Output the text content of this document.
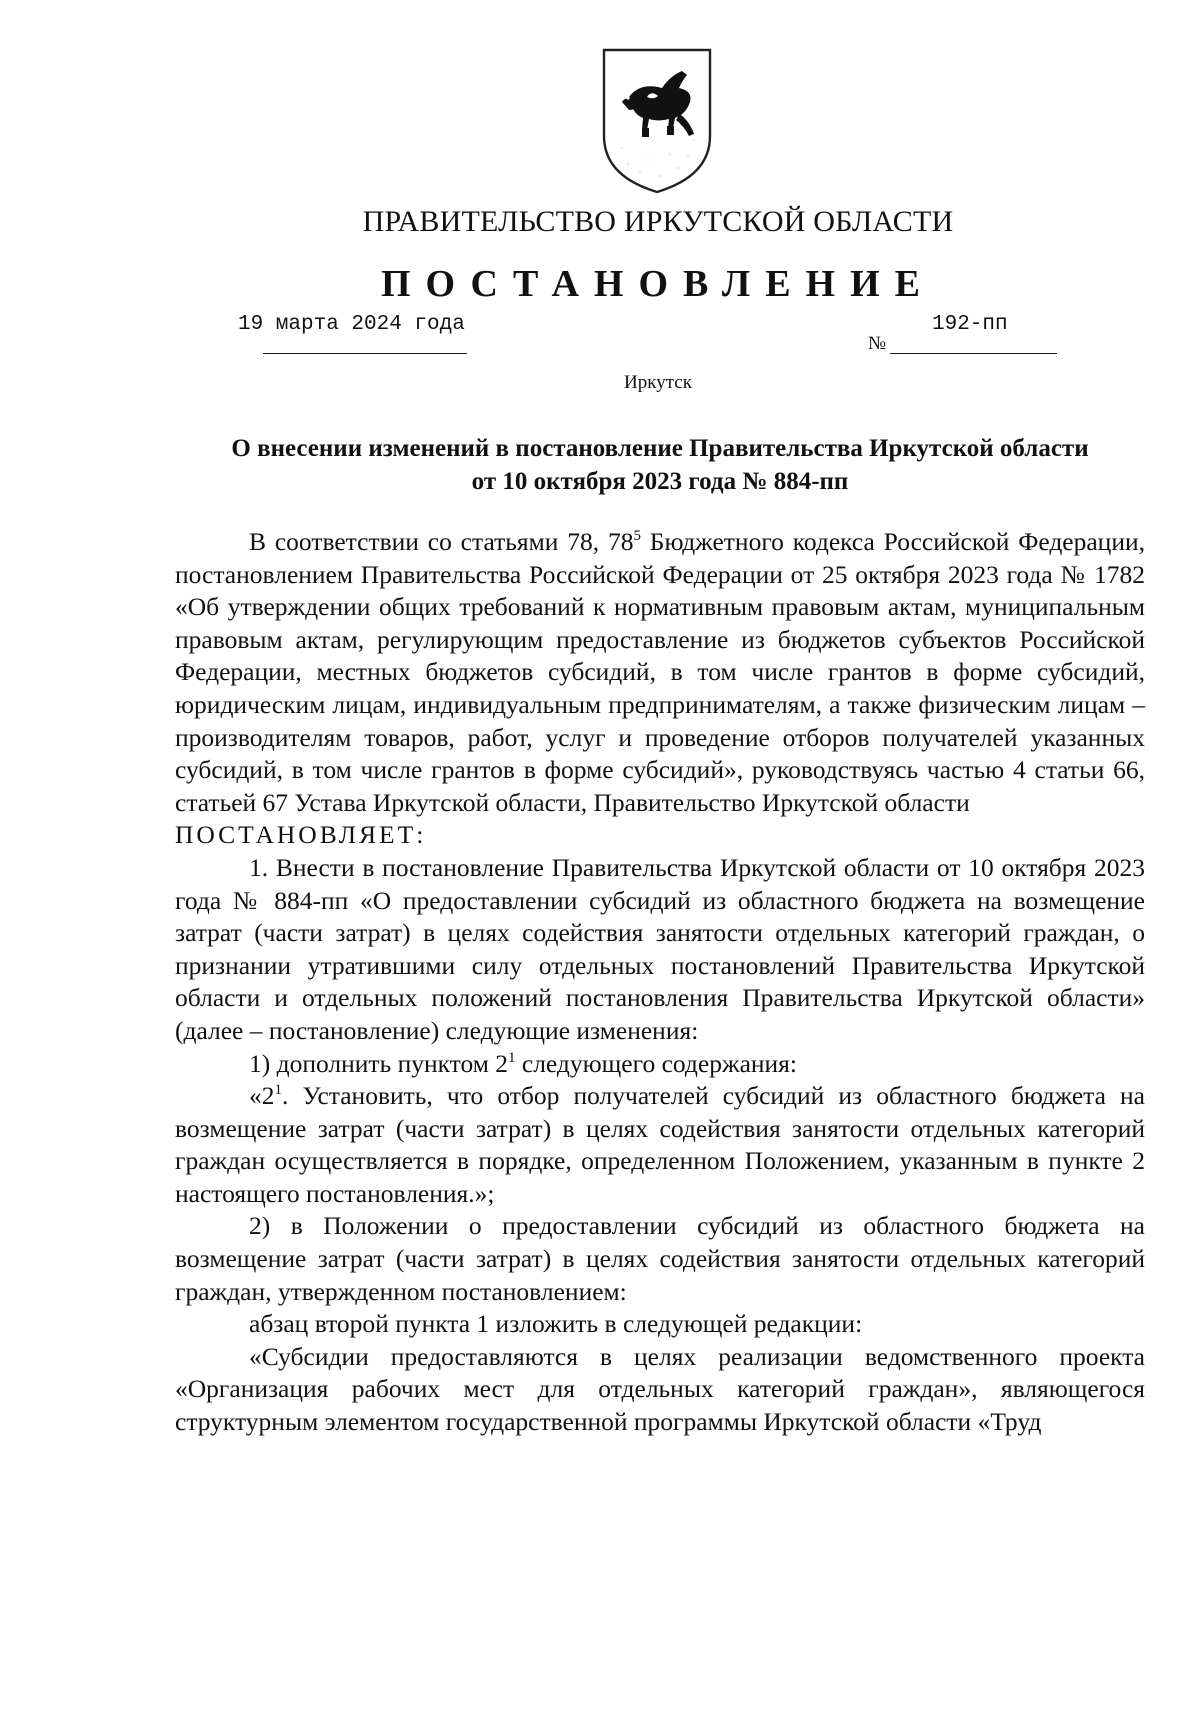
ПРАВИТЕЛЬСТВО ИРКУТСКОЙ ОБЛАСТИ
ПОСТАНОВЛЕНИЕ
19 марта 2024 года
№
192-пп
Иркутск
О внесении изменений в постановление Правительства Иркутской области
от 10 октября 2023 года № 884-пп

В соответствии со статьями 78, $78^5$ Бюджетного кодекса Российской Федерации, постановлением Правительства Российской Федерации от 25 октября 2023 года № 1782 «Об утверждении общих требований к нормативным правовым актам, муниципальным правовым актам, регулирующим предоставление из бюджетов субъектов Российской Федерации, местных бюджетов субсидий, в том числе грантов в форме субсидий, юридическим лицам, индивидуальным предпринимателям, а также физическим лицам – производителям товаров, работ, услуг и проведение отборов получателей указанных субсидий, в том числе грантов в форме субсидий», руководствуясь частью 4 статьи 66, статьей 67 Устава Иркутской области, Правительство Иркутской области

ПОСТАНОВЛЯЕТ:

1. Внести в постановление Правительства Иркутской области от 10 октября 2023 года № 884-пп «О предоставлении субсидий из областного бюджета на возмещение затрат (части затрат) в целях содействия занятости отдельных категорий граждан, о признании утратившими силу отдельных постановлений Правительства Иркутской области и отдельных положений постановления Правительства Иркутской области» (далее – постановление) следующие изменения:

1) дополнить пунктом $2^1$ следующего содержания:

«$2^1$. Установить, что отбор получателей субсидий из областного бюджета на возмещение затрат (части затрат) в целях содействия занятости отдельных категорий граждан осуществляется в порядке, определенном Положением, указанным в пункте 2 настоящего постановления.»;

2) в Положении о предоставлении субсидий из областного бюджета на возмещение затрат (части затрат) в целях содействия занятости отдельных категорий граждан, утвержденном постановлением:

абзац второй пункта 1 изложить в следующей редакции:

«Субсидии предоставляются в целях реализации ведомственного проекта «Организация рабочих мест для отдельных категорий граждан», являющегося структурным элементом государственной программы Иркутской области «Труд
